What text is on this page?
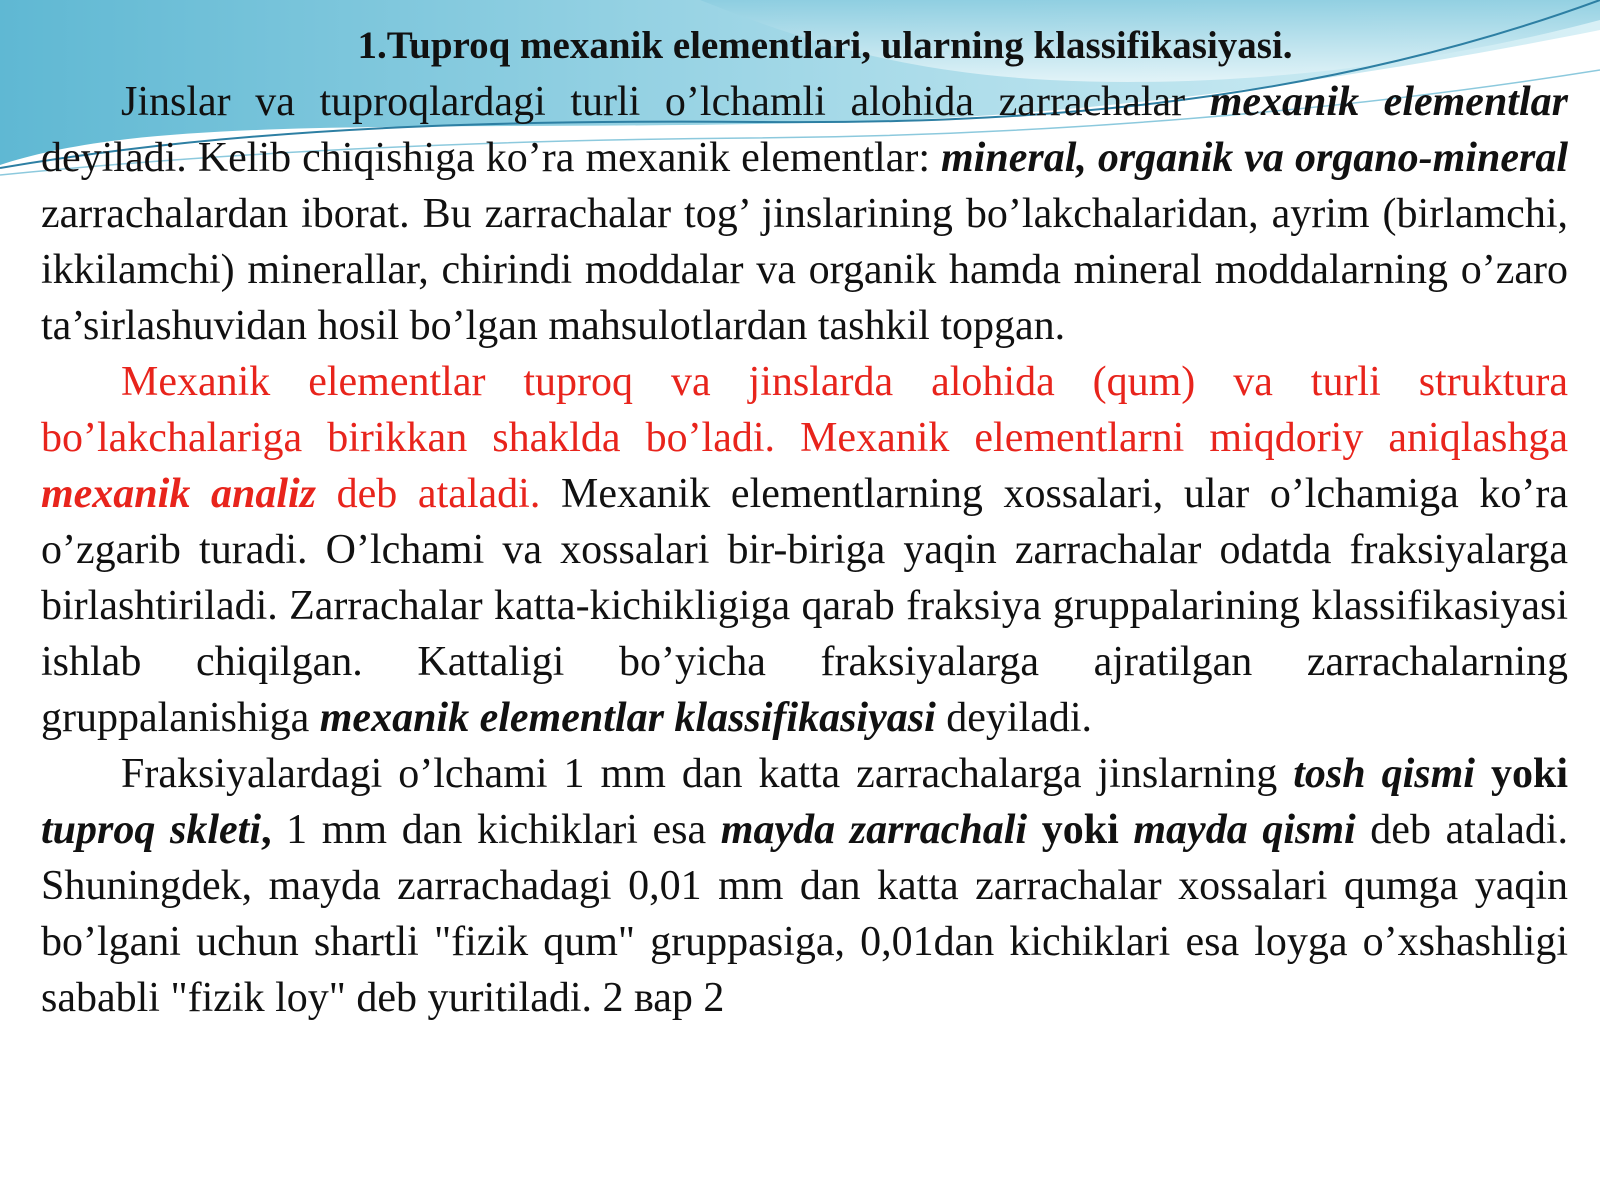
1.Tuproq mexanik elementlari, ularning klassifikasiyasi.

Jinslar va tuproqlardagi turli o’lchamli alohida zarrachalar mexanik elementlar deyiladi. Kelib chiqishiga ko’ra mexanik elementlar: mineral, organik va organo-mineral zarrachalardan iborat. Bu zarrachalar tog’ jinslarining bo’lakchalaridan, ayrim (birlamchi, ikkilamchi) minerallar, chirindi moddalar va organik hamda mineral moddalarning o’zaro ta’sirlashuvidan hosil bo’lgan mahsulotlardan tashkil topgan.

Mexanik elementlar tuproq va jinslarda alohida (qum) va turli struktura bo’lakchalariga birikkan shaklda bo’ladi. Mexanik elementlarni miqdoriy aniqlashga mexanik analiz deb ataladi. Mexanik elementlarning xossalari, ular o’lchamiga ko’ra o’zgarib turadi. O’lchami va xossalari bir-biriga yaqin zarrachalar odatda fraksiyalarga birlashtiriladi. Zarrachalar katta-kichikligiga qarab fraksiya gruppalarining klassifikasiyasi ishlab chiqilgan. Kattaligi bo’yicha fraksiyalarga ajratilgan zarrachalarning gruppalanishiga mexanik elementlar klassifikasiyasi deyiladi.

Fraksiyalardagi o’lchami 1 mm dan katta zarrachalarga jinslarning tosh qismi yoki tuproq skleti, 1 mm dan kichiklari esa mayda zarrachali yoki mayda qismi deb ataladi. Shuningdek, mayda zarrachadagi 0,01 mm dan katta zarrachalar xossalari qumga yaqin bo’lgani uchun shartli "fizik qum" gruppasiga, 0,01dan kichiklari esa loyga o’xshashligi sababli "fizik loy" deb yuritiladi. 2 вар 2
